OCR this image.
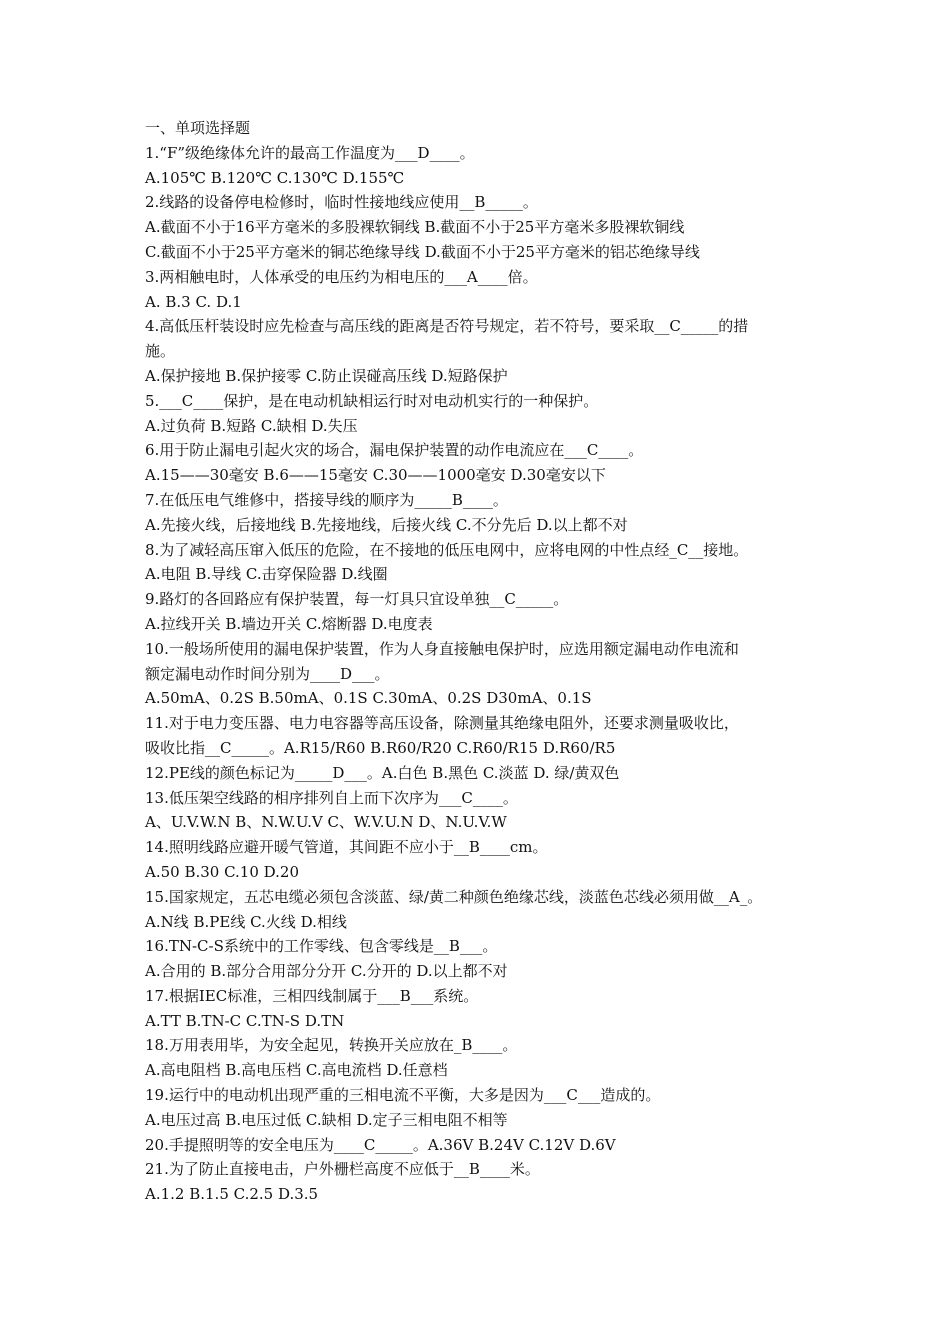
一、单项选择题
1.“F”级绝缘体允许的最高工作温度为___D____。
A.105℃ B.120℃ C.130℃ D.155℃
2.线路的设备停电检修时，临时性接地线应使用__B_____。
A.截面不小于16平方毫米的多股裸软铜线 B.截面不小于25平方毫米多股裸软铜线
C.截面不小于25平方毫米的铜芯绝缘导线 D.截面不小于25平方毫米的铝芯绝缘导线
3.两相触电时，人体承受的电压约为相电压的___A____倍。
A. B.3 C. D.1
4.高低压杆装设时应先检查与高压线的距离是否符号规定，若不符号，要采取__C_____的措
施。
A.保护接地 B.保护接零 C.防止误碰高压线 D.短路保护
5.___C____保护，是在电动机缺相运行时对电动机实行的一种保护。
A.过负荷 B.短路 C.缺相 D.失压
6.用于防止漏电引起火灾的场合，漏电保护装置的动作电流应在___C____。
A.15——30毫安 B.6——15毫安 C.30——1000毫安 D.30毫安以下
7.在低压电气维修中，搭接导线的顺序为_____B____。
A.先接火线，后接地线 B.先接地线，后接火线 C.不分先后 D.以上都不对
8.为了减轻高压窜入低压的危险，在不接地的低压电网中，应将电网的中性点经_C__接地。
A.电阻 B.导线 C.击穿保险器 D.线圈
9.路灯的各回路应有保护装置，每一灯具只宜设单独__C_____。
A.拉线开关 B.墙边开关 C.熔断器 D.电度表
10.一般场所使用的漏电保护装置，作为人身直接触电保护时，应选用额定漏电动作电流和
额定漏电动作时间分别为____D___。
A.50mA、0.2S B.50mA、0.1S C.30mA、0.2S D30mA、0.1S
11.对于电力变压器、电力电容器等高压设备，除测量其绝缘电阻外，还要求测量吸收比，
吸收比指__C_____。A.R15/R60 B.R60/R20 C.R60/R15 D.R60/R5
12.PE线的颜色标记为_____D___。A.白色 B.黑色 C.淡蓝 D. 绿/黄双色
13.低压架空线路的相序排列自上而下次序为___C____。
A、U.V.W.N B、N.W.U.V C、W.V.U.N D、N.U.V.W
14.照明线路应避开暖气管道，其间距不应小于__B____cm。
A.50 B.30 C.10 D.20
15.国家规定，五芯电缆必须包含淡蓝、绿/黄二种颜色绝缘芯线，淡蓝色芯线必须用做__A_。
A.N线 B.PE线 C.火线 D.相线
16.TN-C-S系统中的工作零线、包含零线是__B___。
A.合用的 B.部分合用部分分开 C.分开的 D.以上都不对
17.根据IEC标准，三相四线制属于___B___系统。
A.TT B.TN-C C.TN-S D.TN
18.万用表用毕，为安全起见，转换开关应放在_B____。
A.高电阻档 B.高电压档 C.高电流档 D.任意档
19.运行中的电动机出现严重的三相电流不平衡，大多是因为___C___造成的。
A.电压过高 B.电压过低 C.缺相 D.定子三相电阻不相等
20.手提照明等的安全电压为____C_____。A.36V B.24V C.12V D.6V
21.为了防止直接电击，户外栅栏高度不应低于__B____米。
A.1.2 B.1.5 C.2.5 D.3.5
